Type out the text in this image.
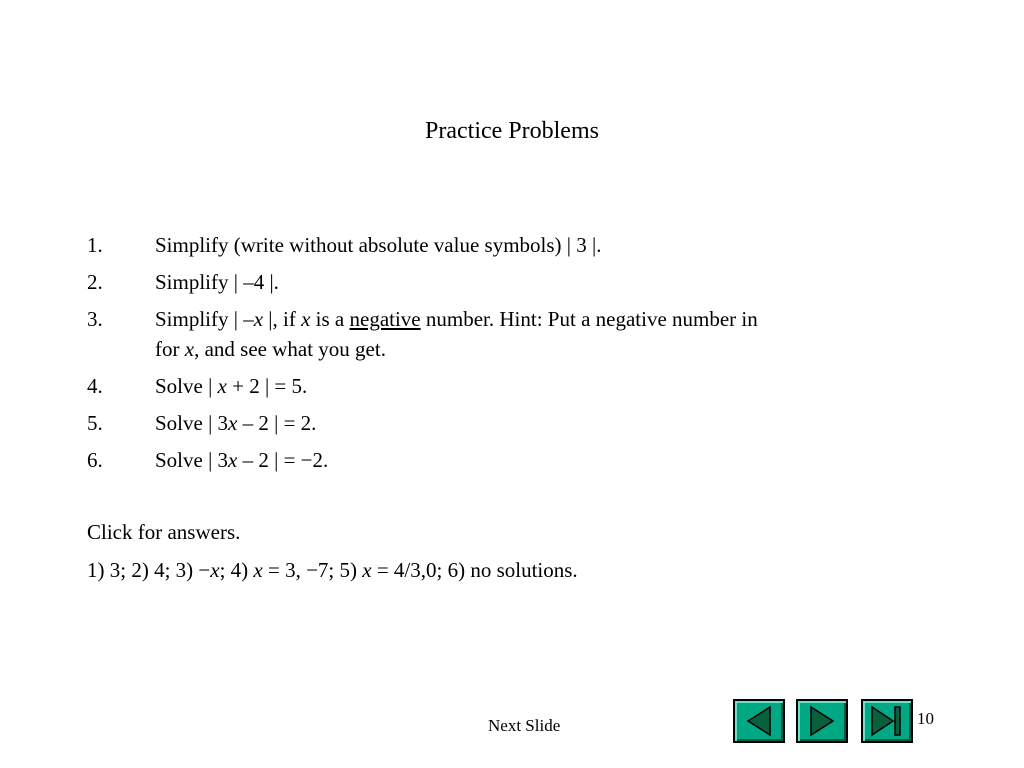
Practice Problems
1. Simplify (write without absolute value symbols) | 3 |.
2. Simplify | –4 |.
3. Simplify | –x |, if x is a negative number. Hint: Put a negative number in
for x, and see what you get.
4. Solve | x + 2 | = 5.
5. Solve | 3x – 2 | = 2.
6. Solve | 3x – 2 | = −2.
Click for answers.
1) 3; 2) 4; 3) −x; 4) x = 3, −7; 5) x = 4/3,0; 6) no solutions.
Next Slide	10
